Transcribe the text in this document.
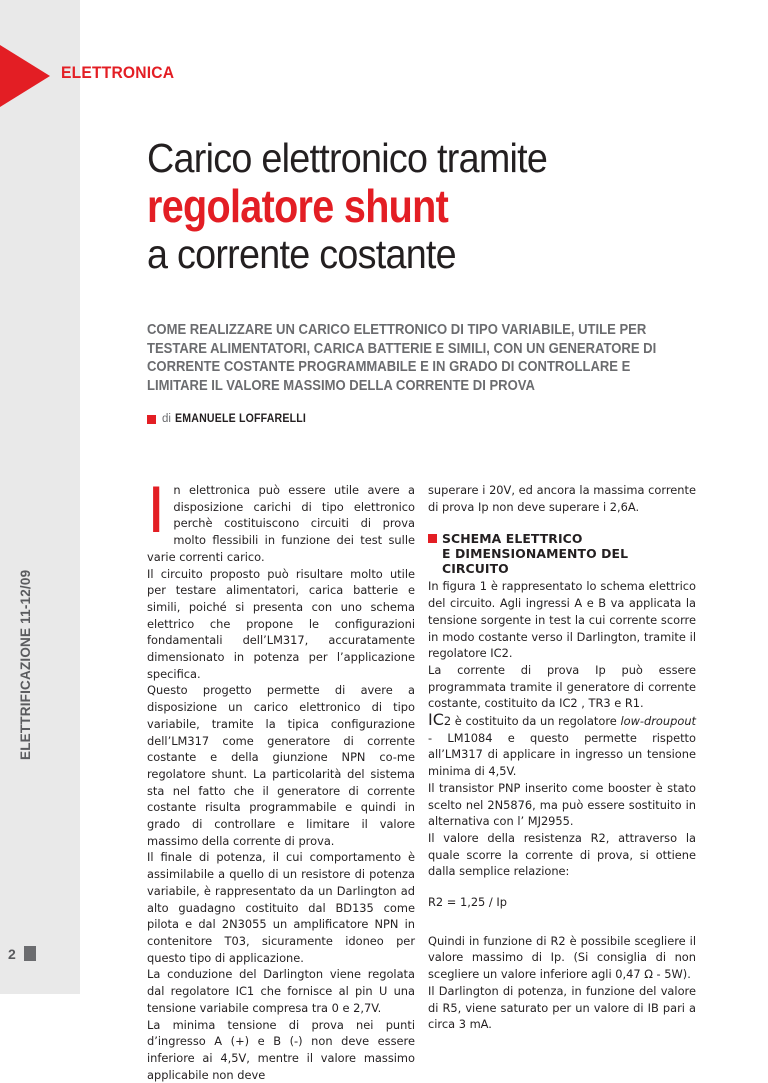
ELETTRONICA
Carico elettronico tramite
regolatore shunt
a corrente costante
COME REALIZZARE UN CARICO ELETTRONICO DI TIPO VARIABILE, UTILE PER TESTARE ALIMENTATORI, CARICA BATTERIE E SIMILI, CON UN GENERATORE DI CORRENTE COSTANTE PROGRAMMABILE E IN GRADO DI CONTROLLARE E LIMITARE IL VALORE MASSIMO DELLA CORRENTE DI PROVA
di EMANUELE LOFFARELLI
ELETTRIFICAZIONE 11-12/09
2

In elettronica può essere utile avere a disposizione carichi di tipo elettronico perchè costituiscono circuiti di prova molto flessibili in funzione dei test sulle varie correnti carico.

Il circuito proposto può risultare molto utile per testare alimentatori, carica batterie e simili, poiché si presenta con uno schema elettrico che propone le configurazioni fondamentali dell’LM317, accuratamente dimensionato in potenza per l’applicazione specifica.

Questo progetto permette di avere a disposizione un carico elettronico di tipo variabile, tramite la tipica configurazione dell’LM317 come generatore di corrente costante e della giunzione NPN co-me regolatore shunt. La particolarità del sistema sta nel fatto che il generatore di corrente costante risulta programmabile e quindi in grado di controllare e limitare il valore massimo della corrente di prova.

Il finale di potenza, il cui comportamento è assimilabile a quello di un resistore di potenza variabile, è rappresentato da un Darlington ad alto guadagno costituito dal BD135 come pilota e dal 2N3055 un amplificatore NPN in contenitore T03, sicuramente idoneo per questo tipo di applicazione.

La conduzione del Darlington viene regolata dal regolatore IC1 che fornisce al pin U una tensione variabile compresa tra 0 e 2,7V.

La minima tensione di prova nei punti d’ingresso A (+) e B (-) non deve essere inferiore ai 4,5V, mentre il valore massimo applicabile non deve

superare i 20V, ed ancora la massima corrente di prova Ip non deve superare i 2,6A.

SCHEMA ELETTRICO
E DIMENSIONAMENTO DEL CIRCUITO

In figura 1 è rappresentato lo schema elettrico del circuito. Agli ingressi A e B va applicata la tensione sorgente in test la cui corrente scorre in modo costante verso il Darlington, tramite il regolatore IC2.

La corrente di prova Ip può essere programmata tramite il generatore di corrente costante, costituito da IC2 , TR3 e R1.

IC2 è costituito da un regolatore low-droupout - LM1084 e questo permette rispetto all’LM317 di applicare in ingresso un tensione minima di 4,5V.

Il transistor PNP inserito come booster è stato scelto nel 2N5876, ma può essere sostituito in alternativa con l’ MJ2955.

Il valore della resistenza R2, attraverso la quale scorre la corrente di prova, si ottiene dalla semplice relazione:

R2 = 1,25 / Ip

Quindi in funzione di R2 è possibile scegliere il valore massimo di Ip. (Si consiglia di non scegliere un valore inferiore agli 0,47 Ω - 5W).

Il Darlington di potenza, in funzione del valore di R5, viene saturato per un valore di IB pari a circa 3 mA.
